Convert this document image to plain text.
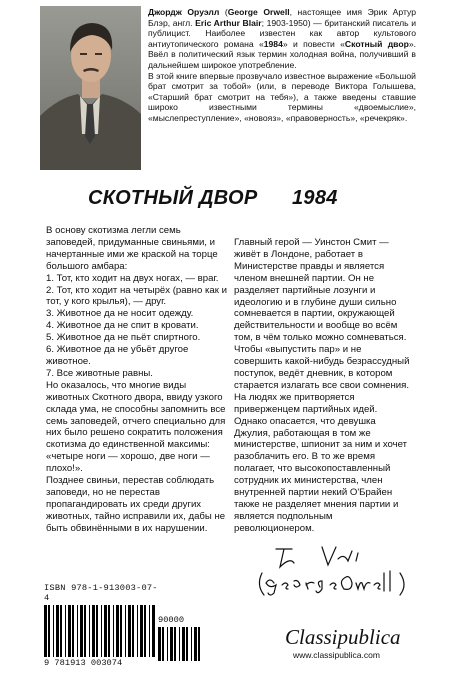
Джордж Оруэлл (George Orwell, настоящее имя Эрик Артур Блэр, англ. Eric Arthur Blair; 1903-1950) — британский писатель и публицист. Наиболее известен как автор культового антиутопического романа «1984» и повести «Скотный двор». Ввёл в политический язык термин холодная война, получивший в дальнейшем широкое употребление.

В этой книге впервые прозвучало известное выражение «Большой брат смотрит за тобой» (или, в переводе Виктора Голышева, «Старший брат смотрит на тебя»), а также введены ставшие широко известными термины «двоемыслие», «мыслепреступление», «новояз», «правоверность», «речекряк».

СКОТНЫЙ ДВОР 1984
В основу скотизма легли семь заповедей, придуманные свиньями, и начертанные ими же краской на торце большого амбара:
1. Тот, кто ходит на двух ногах, — враг.
2. Тот, кто ходит на четырёх (равно как и тот, у кого крылья), — друг.
3. Животное да не носит одежду.
4. Животное да не спит в кровати.
5. Животное да не пьёт спиртного.
6. Животное да не убьёт другое животное.
7. Все животные равны.
Но оказалось, что многие виды животных Скотного двора, ввиду узкого склада ума, не способны запомнить все семь заповедей, отчего специально для них было решено сократить положения скотизма до единственной максимы: «четыре ноги — хорошо, две ноги — плохо!».
Позднее свиньи, перестав соблюдать заповеди, но не перестав пропагандировать их среди других животных, тайно исправили их, дабы не быть обвинёнными в их нарушении.
Главный герой — Уинстон Смит — живёт в Лондоне, работает в Министерстве правды и является членом внешней партии. Он не разделяет партийные лозунги и идеологию и в глубине души сильно сомневается в партии, окружающей действительности и вообще во всём том, в чём только можно сомневаться. Чтобы «выпустить пар» и не совершить какой-нибудь безрассудный поступок, ведёт дневник, в котором старается излагать все свои сомнения. На людях же притворяется приверженцем партийных идей. Однако опасается, что девушка Джулия, работающая в том же министерстве, шпионит за ним и хочет разоблачить его. В то же время полагает, что высокопоставленный сотрудник их министерства, член внутренней партии некий О'Брайен также не разделяет мнения партии и является подпольным революционером.
ISBN 978-1-913003-07-4
90000
9 781913 003074
Classipublica
www.classipublica.com
